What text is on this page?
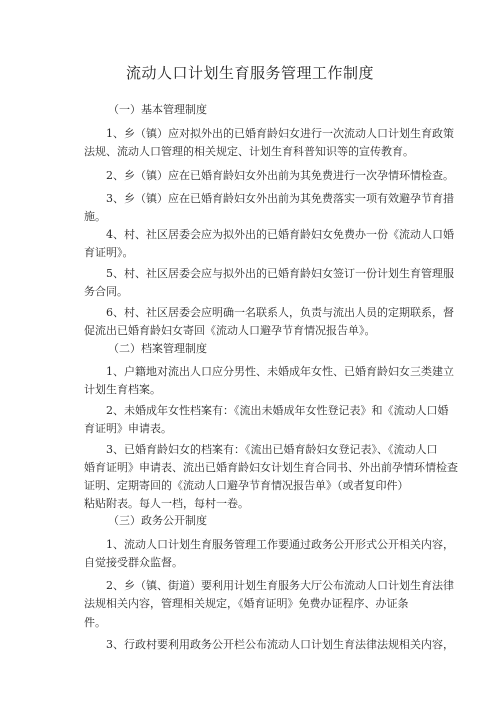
流动人口计划生育服务管理工作制度
（一）基本管理制度
1、乡（镇）应对拟外出的已婚育龄妇女进行一次流动人口计划生育政策
法规、流动人口管理的相关规定、计划生育科普知识等的宣传教育。
2、乡（镇）应在已婚育龄妇女外出前为其免费进行一次孕情环情检查。
3、乡（镇）应在已婚育龄妇女外出前为其免费落实一项有效避孕节育措
施。
4、村、社区居委会应为拟外出的已婚育龄妇女免费办一份《流动人口婚
育证明》。
5、村、社区居委会应与拟外出的已婚育龄妇女签订一份计划生育管理服
务合同。
6、村、社区居委会应明确一名联系人，负责与流出人员的定期联系，督
促流出已婚育龄妇女寄回《流动人口避孕节育情况报告单》。
（二）档案管理制度
1、户籍地对流出人口应分男性、未婚成年女性、已婚育龄妇女三类建立
计划生育档案。
2、未婚成年女性档案有：《流出未婚成年女性登记表》和《流动人口婚
育证明》申请表。
3、已婚育龄妇女的档案有：《流出已婚育龄妇女登记表》、《流动人口
婚育证明》申请表、流出已婚育龄妇女计划生育合同书、外出前孕情环情检查
证明、定期寄回的《流动人口避孕节育情况报告单》（或者复印件）
粘贴附表。每人一档，每村一卷。
（三）政务公开制度
1、流动人口计划生育服务管理工作要通过政务公开形式公开相关内容，
自觉接受群众监督。
2、乡（镇、街道）要利用计划生育服务大厅公布流动人口计划生育法律
法规相关内容，管理相关规定，《婚育证明》免费办证程序、办证条
件。
3、行政村要利用政务公开栏公布流动人口计划生育法律法规相关内容，
